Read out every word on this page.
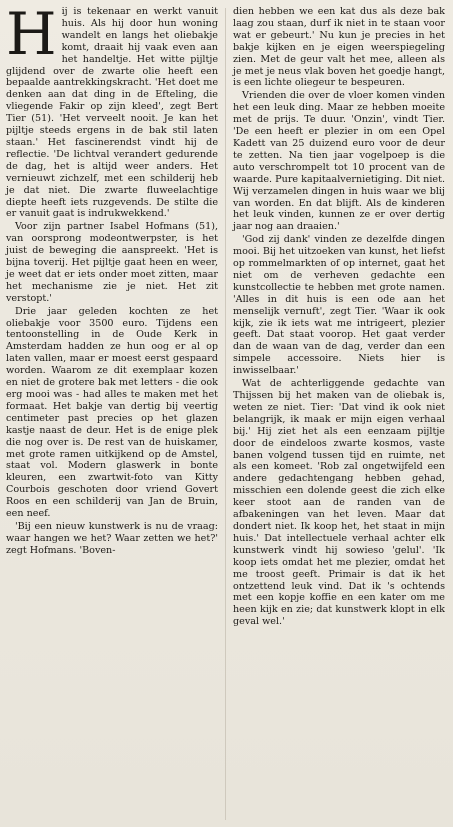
Hij is tekenaar en werkt vanuit huis. Als hij door hun woning wandelt en langs het oliebakje komt, draait hij vaak even aan het handeltje. Het witte pijltje glijdend over de zwarte olie heeft een bepaalde aantrekkingskracht. 'Het doet me denken aan dat ding in de Efteling, die vliegende Fakir op zijn kleed', zegt Bert Tier (51). 'Het verveelt nooit. Je kan het pijltje steeds ergens in de bak stil laten staan.' Het fascinerendst vindt hij de reflectie. 'De lichtval verandert gedurende de dag, het is altijd weer anders. Het vernieuwt zichzelf, met een schilderij heb je dat niet. Die zwarte fluweelachtige diepte heeft iets ruzgevends. De stilte die er vanuit gaat is indrukwekkend.'

Voor zijn partner Isabel Hofmans (51), van oorsprong modeontwerpster, is het juist de beweging die aanspreekt. 'Het is bijna toverij. Het pijltje gaat heen en weer, je weet dat er iets onder moet zitten, maar het mechanisme zie je niet. Het zit verstopt.'

Drie jaar geleden kochten ze het oliebakje voor 3500 euro. Tijdens een tentoonstelling in de Oude Kerk in Amsterdam hadden ze hun oog er al op laten vallen, maar er moest eerst gespaard worden. Waarom ze dit exemplaar kozen en niet de grotere bak met letters - die ook erg mooi was - had alles te maken met het formaat. Het bakje van dertig bij veertig centimeter past precies op het glazen kastje naast de deur. Het is de enige plek die nog over is. De rest van de huiskamer, met grote ramen uitkijkend op de Amstel, staat vol. Modern glaswerk in bonte kleuren, een zwartwit-foto van Kitty Courbois geschoten door vriend Govert Roos en een schilderij van Jan de Bruin, een neef.

'Bij een nieuw kunstwerk is nu de vraag: waar hangen we het? Waar zetten we het?' zegt Hofmans. 'Boven-

dien hebben we een kat dus als deze bak laag zou staan, durf ik niet in te staan voor wat er gebeurt.' Nu kun je precies in het bakje kijken en je eigen weerspiegeling zien. Met de geur valt het mee, alleen als je met je neus vlak boven het goedje hangt, is een lichte oliegeur te bespeuren.

Vrienden die over de vloer komen vinden het een leuk ding. Maar ze hebben moeite met de prijs. Te duur. 'Onzin', vindt Tier. 'De een heeft er plezier in om een Opel Kadett van 25 duizend euro voor de deur te zetten. Na tien jaar vogelpoep is die auto verschrompelt tot 10 procent van de waarde. Pure kapitaalvernietiging. Dit niet. Wij verzamelen dingen in huis waar we blij van worden. En dat blijft. Als de kinderen het leuk vinden, kunnen ze er over dertig jaar nog aan draaien.'

'God zij dank' vinden ze dezelfde dingen mooi. Bij het uitzoeken van kunst, het liefst op rommelmarkten of op internet, gaat het niet om de verheven gedachte een kunstcollectie te hebben met grote namen. 'Alles in dit huis is een ode aan het menselijk vernuft', zegt Tier. 'Waar ik ook kijk, zie ik iets wat me intrigeert, plezier geeft. Dat staat voorop. Het gaat verder dan de waan van de dag, verder dan een simpele accessoire. Niets hier is inwisselbaar.'

Wat de achterliggende gedachte van Thijssen bij het maken van de oliebak is, weten ze niet. Tier: 'Dat vind ik ook niet belangrijk, ik maak er mijn eigen verhaal bij.' Hij ziet het als een eenzaam pijltje door de eindeloos zwarte kosmos, vaste banen volgend tussen tijd en ruimte, net als een komeet. 'Rob zal ongetwijfeld een andere gedachtengang hebben gehad, misschien een dolende geest die zich elke keer stoot aan de randen van de afbakeningen van het leven. Maar dat dondert niet. Ik koop het, het staat in mijn huis.' Dat intellectuele verhaal achter elk kunstwerk vindt hij sowieso 'gelul'. 'Ik koop iets omdat het me plezier, omdat het me troost geeft. Primair is dat ik het ontzettend leuk vind. Dat ik 's ochtends met een kopje koffie en een kater om me heen kijk en zie; dat kunstwerk klopt in elk geval wel.'
